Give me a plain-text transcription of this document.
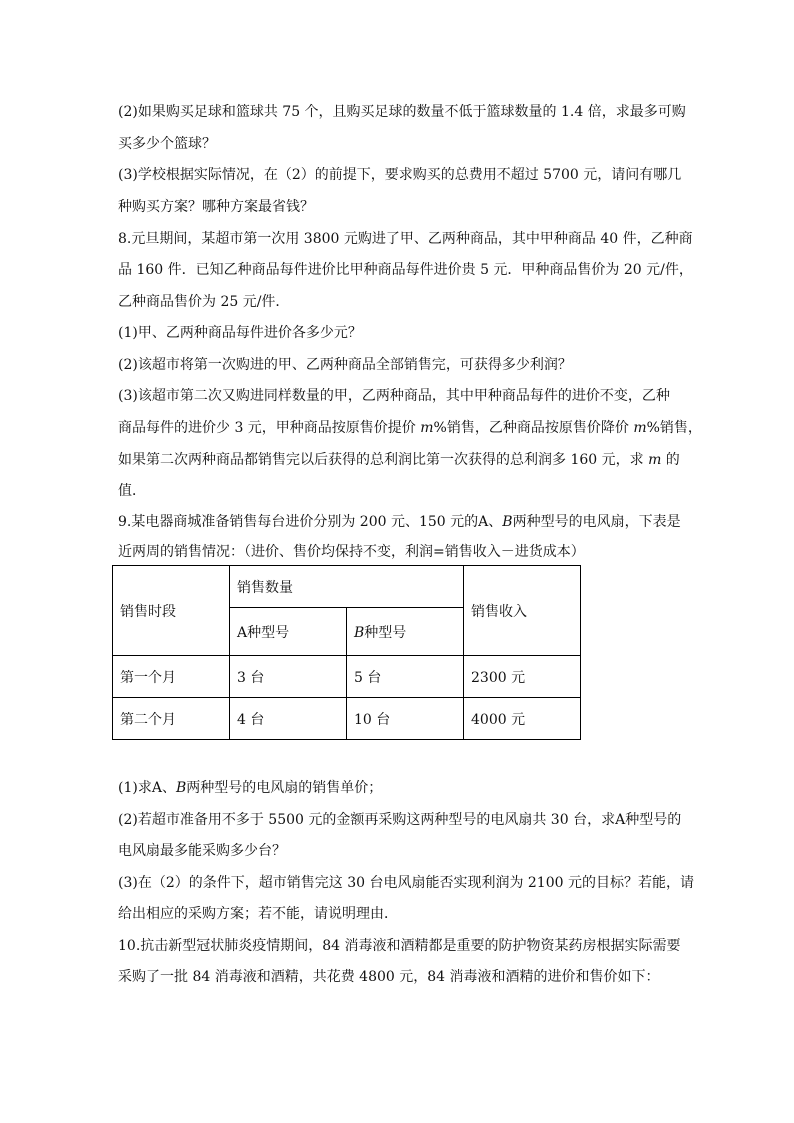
(2)如果购买足球和篮球共 75 个，且购买足球的数量不低于篮球数量的 1.4 倍，求最多可购
买多少个篮球？
(3)学校根据实际情况，在（2）的前提下，要求购买的总费用不超过 5700 元，请问有哪几
种购买方案？哪种方案最省钱？
8.元旦期间，某超市第一次用 3800 元购进了甲、乙两种商品，其中甲种商品 40 件，乙种商
品 160 件．已知乙种商品每件进价比甲种商品每件进价贵 5 元．甲种商品售价为 20 元/件，
乙种商品售价为 25 元/件．
(1)甲、乙两种商品每件进价各多少元？
(2)该超市将第一次购进的甲、乙两种商品全部销售完，可获得多少利润？
(3)该超市第二次又购进同样数量的甲，乙两种商品，其中甲种商品每件的进价不变，乙种
商品每件的进价少 3 元，甲种商品按原售价提价 m%销售，乙种商品按原售价降价 m%销售，
如果第二次两种商品都销售完以后获得的总利润比第一次获得的总利润多 160 元，求 m 的
值．
9.某电器商城准备销售每台进价分别为 200 元、150 元的A、B两种型号的电风扇，下表是
近两周的销售情况：（进价、售价均保持不变，利润=销售收入－进货成本）
销售时段	销售数量		销售收入
	A种型号	B种型号	
第一个月	3 台	5 台	2300 元
第二个月	4 台	10 台	4000 元
(1)求A、B两种型号的电风扇的销售单价；
(2)若超市准备用不多于 5500 元的金额再采购这两种型号的电风扇共 30 台，求A种型号的
电风扇最多能采购多少台？
(3)在（2）的条件下，超市销售完这 30 台电风扇能否实现利润为 2100 元的目标？若能，请
给出相应的采购方案；若不能，请说明理由．
10.抗击新型冠状肺炎疫情期间，84 消毒液和酒精都是重要的防护物资某药房根据实际需要
采购了一批 84 消毒液和酒精，共花费 4800 元，84 消毒液和酒精的进价和售价如下：
